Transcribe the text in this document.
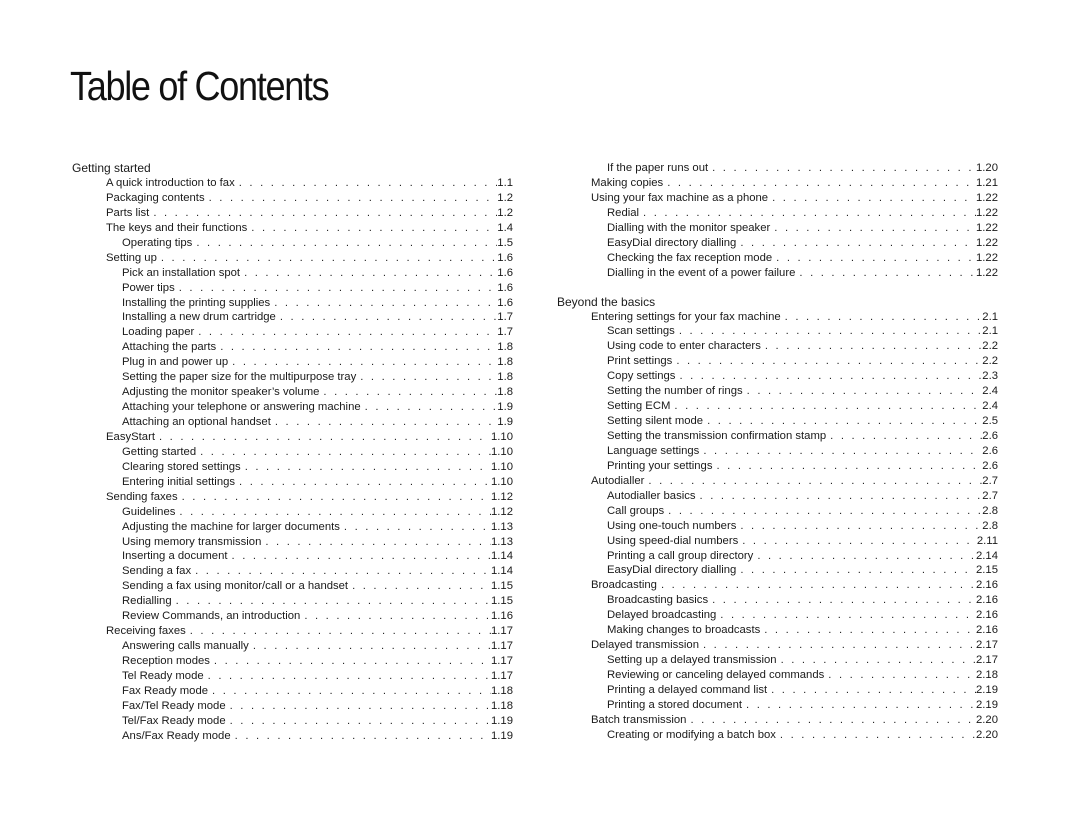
Table of Contents
Getting started
A quick introduction to fax . . .	1.1
Packaging contents . . .	1.2
Parts list . . .	1.2
The keys and their functions . . .	1.4
Operating tips . . .	1.5
Setting up . . .	1.6
Pick an installation spot . . .	1.6
Power tips . . .	1.6
Installing the printing supplies . . .	1.6
Installing a new drum cartridge . . .	1.7
Loading paper . . .	1.7
Attaching the parts . . .	1.8
Plug in and power up . . .	1.8
Setting the paper size for the multipurpose tray . . .	1.8
Adjusting the monitor speaker’s volume . . .	1.8
Attaching your telephone or answering machine . . .	1.9
Attaching an optional handset . . .	1.9
EasyStart . . .	1.10
Getting started . . .	1.10
Clearing stored settings . . .	1.10
Entering initial settings . . .	1.10
Sending faxes . . .	1.12
Guidelines . . .	1.12
Adjusting the machine for larger documents . . .	1.13
Using memory transmission . . .	1.13
Inserting a document . . .	1.14
Sending a fax . . .	1.14
Sending a fax using monitor/call or a handset . . .	1.15
Redialling . . .	1.15
Review Commands, an introduction . . .	1.16
Receiving faxes . . .	1.17
Answering calls manually . . .	1.17
Reception modes . . .	1.17
Tel Ready mode . . .	1.17
Fax Ready mode . . .	1.18
Fax/Tel Ready mode . . .	1.18
Tel/Fax Ready mode . . .	1.19
Ans/Fax Ready mode . . .	1.19
If the paper runs out . . .	1.20
Making copies . . .	1.21
Using your fax machine as a phone . . .	1.22
Redial . . .	1.22
Dialling with the monitor speaker . . .	1.22
EasyDial directory dialling . . .	1.22
Checking the fax reception mode . . .	1.22
Dialling in the event of a power failure . . .	1.22
Beyond the basics
Entering settings for your fax machine . . .	2.1
Scan settings . . .	2.1
Using code to enter characters . . .	2.2
Print settings . . .	2.2
Copy settings . . .	2.3
Setting the number of rings . . .	2.4
Setting ECM . . .	2.4
Setting silent mode . . .	2.5
Setting the transmission confirmation stamp . . .	2.6
Language settings . . .	2.6
Printing your settings . . .	2.6
Autodialler . . .	2.7
Autodialler basics . . .	2.7
Call groups . . .	2.8
Using one-touch numbers . . .	2.8
Using speed-dial numbers . . .	2.11
Printing a call group directory . . .	2.14
EasyDial directory dialling . . .	2.15
Broadcasting . . .	2.16
Broadcasting basics . . .	2.16
Delayed broadcasting . . .	2.16
Making changes to broadcasts . . .	2.16
Delayed transmission . . .	2.17
Setting up a delayed transmission . . .	2.17
Reviewing or canceling delayed commands . . .	2.18
Printing a delayed command list . . .	2.19
Printing a stored document . . .	2.19
Batch transmission . . .	2.20
Creating or modifying a batch box . . .	2.20
